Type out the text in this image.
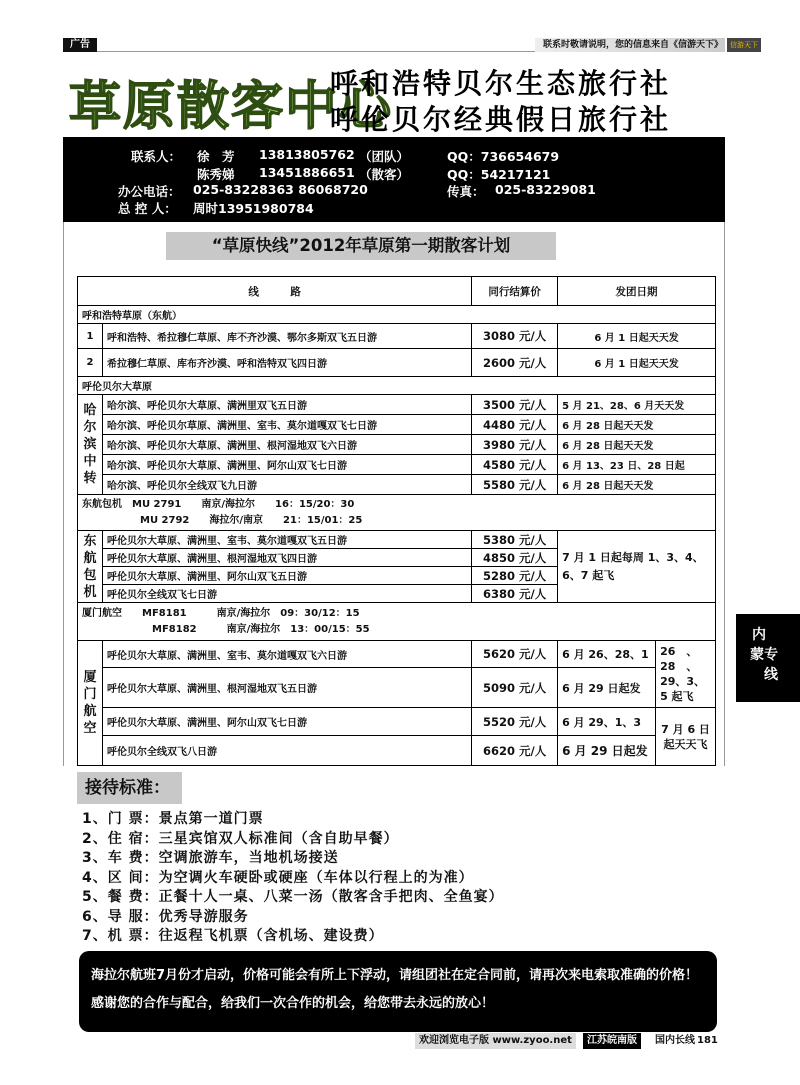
广告	联系时敬请说明，您的信息来自《信游天下》	信游天下
草原散客中心
呼和浩特贝尔生态旅行社
呼伦贝尔经典假日旅行社
联系人： 徐　芳 13813805762 （团队）	QQ：736654679
陈秀娣 13451886651 （散客）	QQ：54217121
办公电话： 025-83228363 86068720	传真： 025-83229081
总 控 人： 周时13951980784
“草原快线”2012年草原第一期散客计划
线　　　路		同行结算价	发团日期	
呼和浩特草原（东航）				
1	呼和浩特、希拉穆仁草原、库不齐沙漠、鄂尔多斯双飞五日游	3080 元/人	6 月 1 日起天天发	
2	希拉穆仁草原、库布齐沙漠、呼和浩特双飞四日游	2600 元/人	6 月 1 日起天天发	
呼伦贝尔大草原				
哈尔滨中转	哈尔滨、呼伦贝尔大草原、满洲里双飞五日游	3500 元/人	5 月 21、28、6 月天天发	
	哈尔滨、呼伦贝尔草原、满洲里、室韦、莫尔道嘎双飞七日游	4480 元/人	6 月 28 日起天天发	
	哈尔滨、呼伦贝尔大草原、满洲里、根河湿地双飞六日游	3980 元/人	6 月 28 日起天天发	
	哈尔滨、呼伦贝尔大草原、满洲里、阿尔山双飞七日游	4580 元/人	6 月 13、23 日、28 日起	
	哈尔滨、呼伦贝尔全线双飞九日游	5580 元/人	6 月 28 日起天天发	

东航包机　MU 2791　　南京/海拉尔　　16：15/20：30
MU 2792　　海拉尔/南京　　21：15/01：25				

东航包机	呼伦贝尔大草原、满洲里、室韦、莫尔道嘎双飞五日游	5380 元/人	7 月 1 日起每周 1、3、4、6、7 起飞	
	呼伦贝尔大草原、满洲里、根河湿地双飞四日游	4850 元/人		
	呼伦贝尔大草原、满洲里、阿尔山双飞五日游	5280 元/人		
	呼伦贝尔全线双飞七日游	6380 元/人		

厦门航空　　MF8181　　　南京/海拉尔　09：30/12：15
MF8182　　　南京/海拉尔　13：00/15：55				

厦门航空	呼伦贝尔大草原、满洲里、室韦、莫尔道嘎双飞六日游	5620 元/人	6 月 26、28、1	26　、28　、29、3、5 起飞
	呼伦贝尔大草原、满洲里、根河湿地双飞五日游	5090 元/人	6 月 29 日起发	
	呼伦贝尔大草原、满洲里、阿尔山双飞七日游	5520 元/人	6 月 29、1、3	7 月 6 日起天天飞
	呼伦贝尔全线双飞八日游	6620 元/人	6 月 29 日起发	
接待标准：
1、门 票：景点第一道门票
2、住 宿：三星宾馆双人标准间（含自助早餐）
3、车 费：空调旅游车，当地机场接送
4、区 间：为空调火车硬卧或硬座（车体以行程上的为准）
5、餐 费：正餐十人一桌、八菜一汤（散客含手把肉、全鱼宴）
6、导 服：优秀导游服务
7、机 票：往返程飞机票（含机场、建设费）
海拉尔航班7月份才启动，价格可能会有所上下浮动，请组团社在定合同前，请再次来电索取准确的价格！感谢您的合作与配合，给我们一次合作的机会，给您带去永远的放心！
内
蒙 专
线
欢迎浏览电子版 www.zyoo.net	江苏皖南版	国内长线 181
